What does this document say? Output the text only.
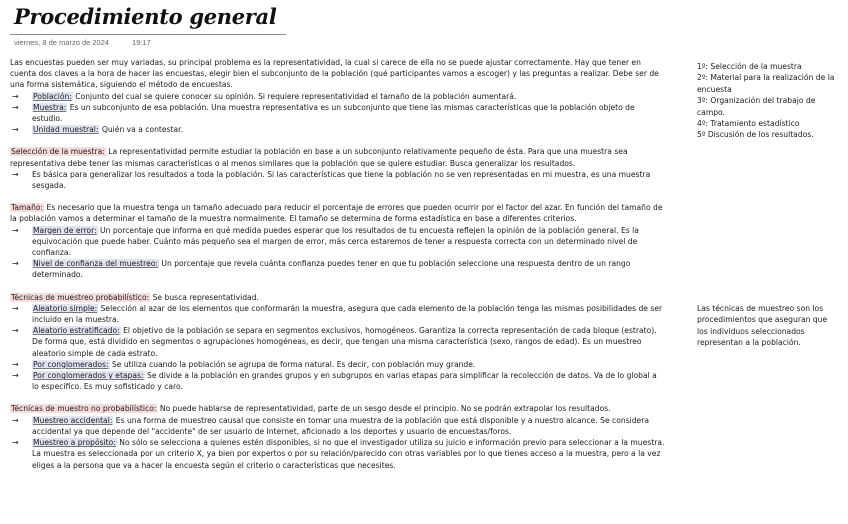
Procedimiento general
viernes, 8 de marzo de 2024	19:17

Las encuestas pueden ser muy variadas, su principal problema es la representatividad, la cual si carece de ella no se puede ajustar correctamente. Hay que tener en cuenta dos claves a la hora de hacer las encuestas, elegir bien el subconjunto de la población (qué participantes vamos a escoger) y las preguntas a realizar. Debe ser de una forma sistemática, siguiendo el método de encuestas.

→ Población: Conjunto del cual se quiere conocer su opinión. Si requiere representatividad el tamaño de la población aumentará.

→ Muestra: Es un subconjunto de esa población. Una muestra representativa es un subconjunto que tiene las mismas características que la población objeto de estudio.

→ Unidad muestral: Quién va a contestar.

Selección de la muestra: La representatividad permite estudiar la población en base a un subconjunto relativamente pequeño de ésta. Para que una muestra sea representativa debe tener las mismas características o al menos similares que la población que se quiere estudiar. Busca generalizar los resultados.

→ Es básica para generalizar los resultados a toda la población. Si las características que tiene la población no se ven representadas en mi muestra, es una muestra sesgada.

Tamaño: Es necesario que la muestra tenga un tamaño adecuado para reducir el porcentaje de errores que pueden ocurrir por el factor del azar. En función del tamaño de la población vamos a determinar el tamaño de la muestra normalmente. El tamaño se determina de forma estadística en base a diferentes criterios.

→ Margen de error: Un porcentaje que informa en qué medida puedes esperar que los resultados de tu encuesta reflejen la opinión de la población general. Es la equivocación que puede haber. Cuánto más pequeño sea el margen de error, más cerca estaremos de tener a respuesta correcta con un determinado nivel de confianza.

→ Nivel de confianza del muestreo: Un porcentaje que revela cuánta confianza puedes tener en que tu población seleccione una respuesta dentro de un rango determinado.

Técnicas de muestreo probabilístico: Se busca representatividad.

→ Aleatorio simple: Selección al azar de los elementos que conformarán la muestra, asegura que cada elemento de la población tenga las mismas posibilidades de ser incluido en la muestra.

→ Aleatorio estratificado: El objetivo de la población se separa en segmentos exclusivos, homogéneos. Garantiza la correcta representación de cada bloque (estrato). De forma que, está dividido en segmentos o agrupaciones homogéneas, es decir, que tengan una misma característica (sexo, rangos de edad). Es un muestreo aleatorio simple de cada estrato.

→ Por conglomerados: Se utiliza cuando la población se agrupa de forma natural. Es decir, con población muy grande.

→ Por conglomerados y etapas: Se divide a la población en grandes grupos y en subgrupos en varias etapas para simplificar la recolección de datos. Va de lo global a lo específico. Es muy sofisticado y caro.

Técnicas de muestro no probabilístico: No puede hablarse de representatividad, parte de un sesgo desde el principio. No se podrán extrapolar los resultados.

→ Muestreo accidental: Es una forma de muestreo causal que consiste en tomar una muestra de la población que está disponible y a nuestro alcance. Se considera accidental ya que depende del "accidente" de ser usuario de Internet, aficionado a los deportes y usuario de encuestas/foros.

→ Muestreo a propósito: No sólo se selecciona a quienes estén disponibles, si no que el investigador utiliza su juicio e información previo para seleccionar a la muestra. La muestra es seleccionada por un criterio X, ya bien por expertos o por su relación/parecido con otras variables por lo que tienes acceso a la muestra, pero a la vez eliges a la persona que va a hacer la encuesta según el criterio o características que necesites.

1º: Selección de la muestra

2º: Material para la realización de la encuesta

3º: Organización del trabajo de campo.

4º: Tratamiento estadístico

5º Discusión de los resultados.

Las técnicas de muestreo son los procedimientos que aseguran que los individuos seleccionados representan a la población.
